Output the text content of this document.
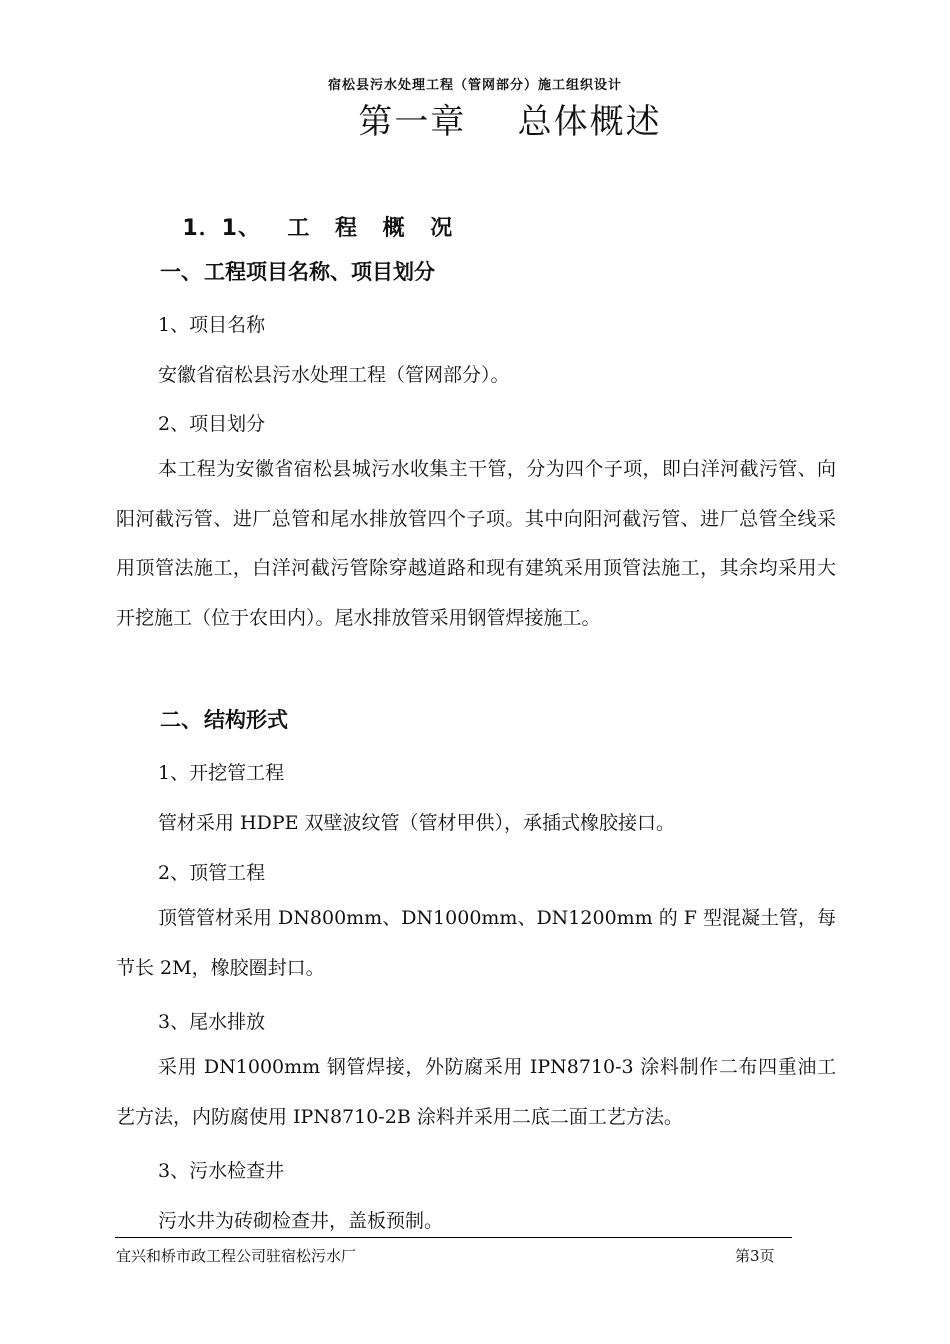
宿松县污水处理工程（管网部分）施工组织设计
第一章    总体概述

1．1、 工 程 概 况

一、工程项目名称、项目划分
1、项目名称
安徽省宿松县污水处理工程（管网部分）。
2、项目划分

本工程为安徽省宿松县城污水收集主干管，分为四个子项，即白洋河截污管、向阳河截污管、进厂总管和尾水排放管四个子项。其中向阳河截污管、进厂总管全线采用顶管法施工，白洋河截污管除穿越道路和现有建筑采用顶管法施工，其余均采用大开挖施工（位于农田内）。尾水排放管采用钢管焊接施工。

二、结构形式
1、开挖管工程
管材采用 HDPE 双壁波纹管（管材甲供），承插式橡胶接口。
2、顶管工程

顶管管材采用 DN800mm、DN1000mm、DN1200mm 的 F 型混凝土管，每节长 2M，橡胶圈封口。

3、尾水排放

采用 DN1000mm 钢管焊接，外防腐采用 IPN8710-3 涂料制作二布四重油工艺方法，内防腐使用 IPN8710-2B 涂料并采用二底二面工艺方法。

3、污水检查井
污水井为砖砌检查井，盖板预制。
宜兴和桥市政工程公司驻宿松污水厂	第3页
